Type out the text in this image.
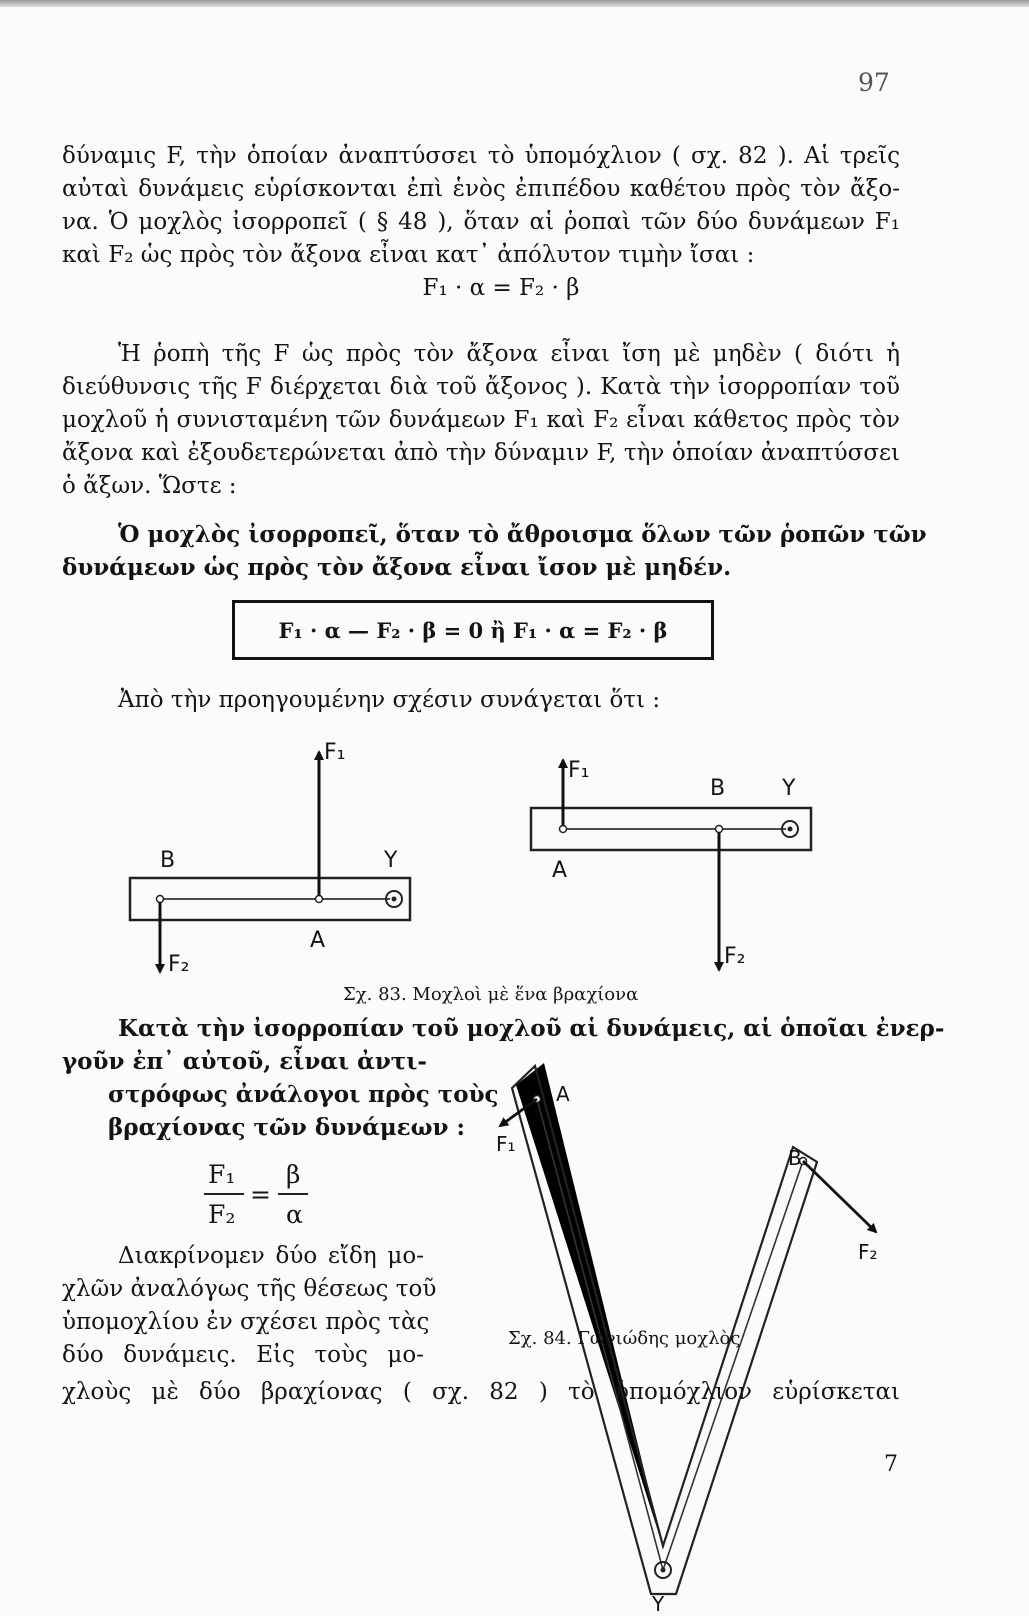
97
δύναμις F, τὴν ὁποίαν ἀναπτύσσει τὸ ὑπομόχλιον ( σχ. 82 ). Αἱ τρεῖς
αὐταὶ δυνάμεις εὑρίσκονται ἐπὶ ἑνὸς ἐπιπέδου καθέτου πρὸς τὸν ἄξο-
να. Ὁ μοχλὸς ἰσορροπεῖ ( § 48 ), ὅταν αἱ ῥοπαὶ τῶν δύο δυνάμεων F₁
καὶ F₂ ὡς πρὸς τὸν ἄξονα εἶναι κατ᾽ ἀπόλυτον τιμὴν ἴσαι :
F₁ · α = F₂ · β
Ἡ ῥοπὴ τῆς F ὡς πρὸς τὸν ἄξονα εἶναι ἴση μὲ μηδὲν ( διότι ἡ
διεύθυνσις τῆς F διέρχεται διὰ τοῦ ἄξονος ). Κατὰ τὴν ἰσορροπίαν τοῦ
μοχλοῦ ἡ συνισταμένη τῶν δυνάμεων F₁ καὶ F₂ εἶναι κάθετος πρὸς τὸν
ἄξονα καὶ ἐξουδετερώνεται ἀπὸ τὴν δύναμιν F, τὴν ὁποίαν ἀναπτύσσει
ὁ ἄξων. Ὥστε :
Ὁ μοχλὸς ἰσορροπεῖ, ὅταν τὸ ἄθροισμα ὅλων τῶν ῥοπῶν τῶν
δυνάμεων ὡς πρὸς τὸν ἄξονα εἶναι ἴσον μὲ μηδέν.
F₁ · α — F₂ · β = 0 ἢ F₁ · α = F₂ · β
Ἀπὸ τὴν προηγουμένην σχέσιν συνάγεται ὅτι :
F₁
F₂
B	Y
A
F₁
F₂
B	Y
A
Σχ. 83. Μοχλοὶ μὲ ἕνα βραχίονα
Κατὰ τὴν ἰσορροπίαν τοῦ μοχλοῦ αἱ δυνάμεις, αἱ ὁποῖαι ἐνερ-
γοῦν ἐπ᾽ αὐτοῦ, εἶναι ἀντι-
στρόφως ἀνάλογοι πρὸς τοὺς
βραχίονας τῶν δυνάμεων :
F₁
F₂
=
β
α
Διακρίνομεν δύο εἴδη μο-
χλῶν ἀναλόγως τῆς θέσεως τοῦ
ὑπομοχλίου ἐν σχέσει πρὸς τὰς
δύο δυνάμεις. Εἰς τοὺς μο-
A
F₁
B
F₂
Y
Σχ. 84. Γωνιώδης μοχλὸς
χλοὺς μὲ δύο βραχίονας ( σχ. 82 ) τὸ ὑπομόχλιον εὑρίσκεται
7
